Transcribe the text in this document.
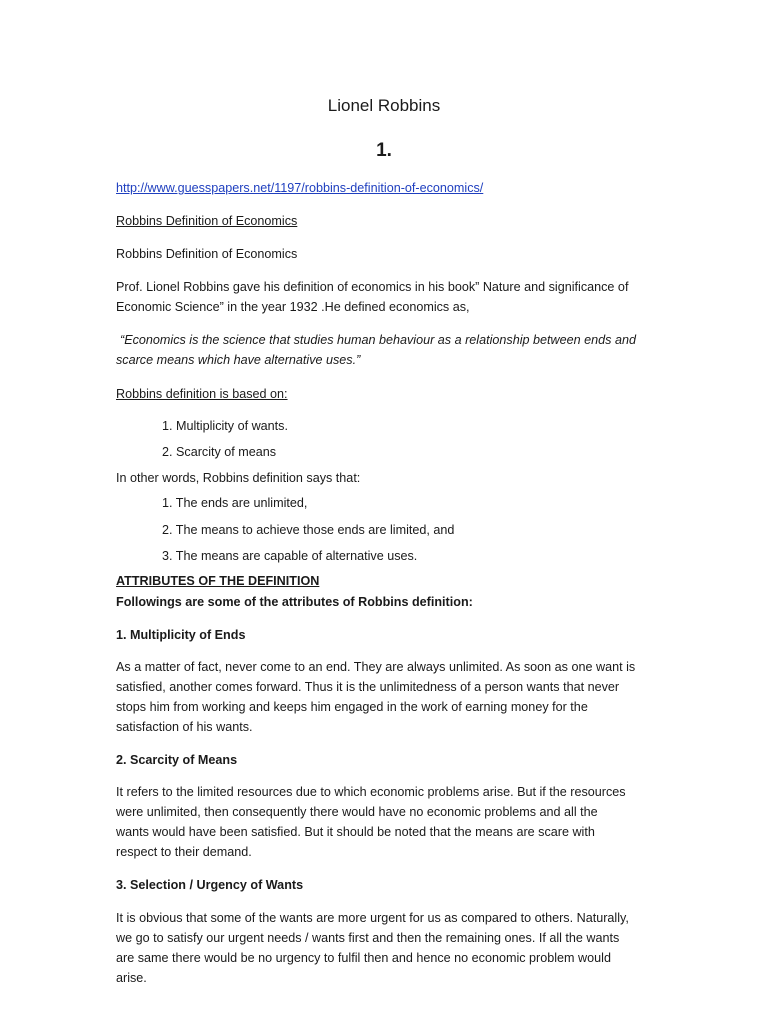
Lionel Robbins
1.
http://www.guesspapers.net/1197/robbins-definition-of-economics/
Robbins Definition of Economics
Robbins Definition of Economics
Prof. Lionel Robbins gave his definition of economics in his book” Nature and significance of
Economic Science” in the year 1932 .He defined economics as,
“Economics is the science that studies human behaviour as a relationship between ends and
scarce means which have alternative uses.”
Robbins definition is based on:
1. Multiplicity of wants.
2. Scarcity of means
In other words, Robbins definition says that:
1. The ends are unlimited,
2. The means to achieve those ends are limited, and
3. The means are capable of alternative uses.
ATTRIBUTES OF THE DEFINITION
Followings are some of the attributes of Robbins definition:
1. Multiplicity of Ends
As a matter of fact, never come to an end. They are always unlimited. As soon as one want is
satisfied, another comes forward. Thus it is the unlimitedness of a person wants that never
stops him from working and keeps him engaged in the work of earning money for the
satisfaction of his wants.
2. Scarcity of Means
It refers to the limited resources due to which economic problems arise. But if the resources
were unlimited, then consequently there would have no economic problems and all the
wants would have been satisfied. But it should be noted that the means are scare with
respect to their demand.
3. Selection / Urgency of Wants
It is obvious that some of the wants are more urgent for us as compared to others. Naturally,
we go to satisfy our urgent needs / wants first and then the remaining ones. If all the wants
are same there would be no urgency to fulfil then and hence no economic problem would
arise.
